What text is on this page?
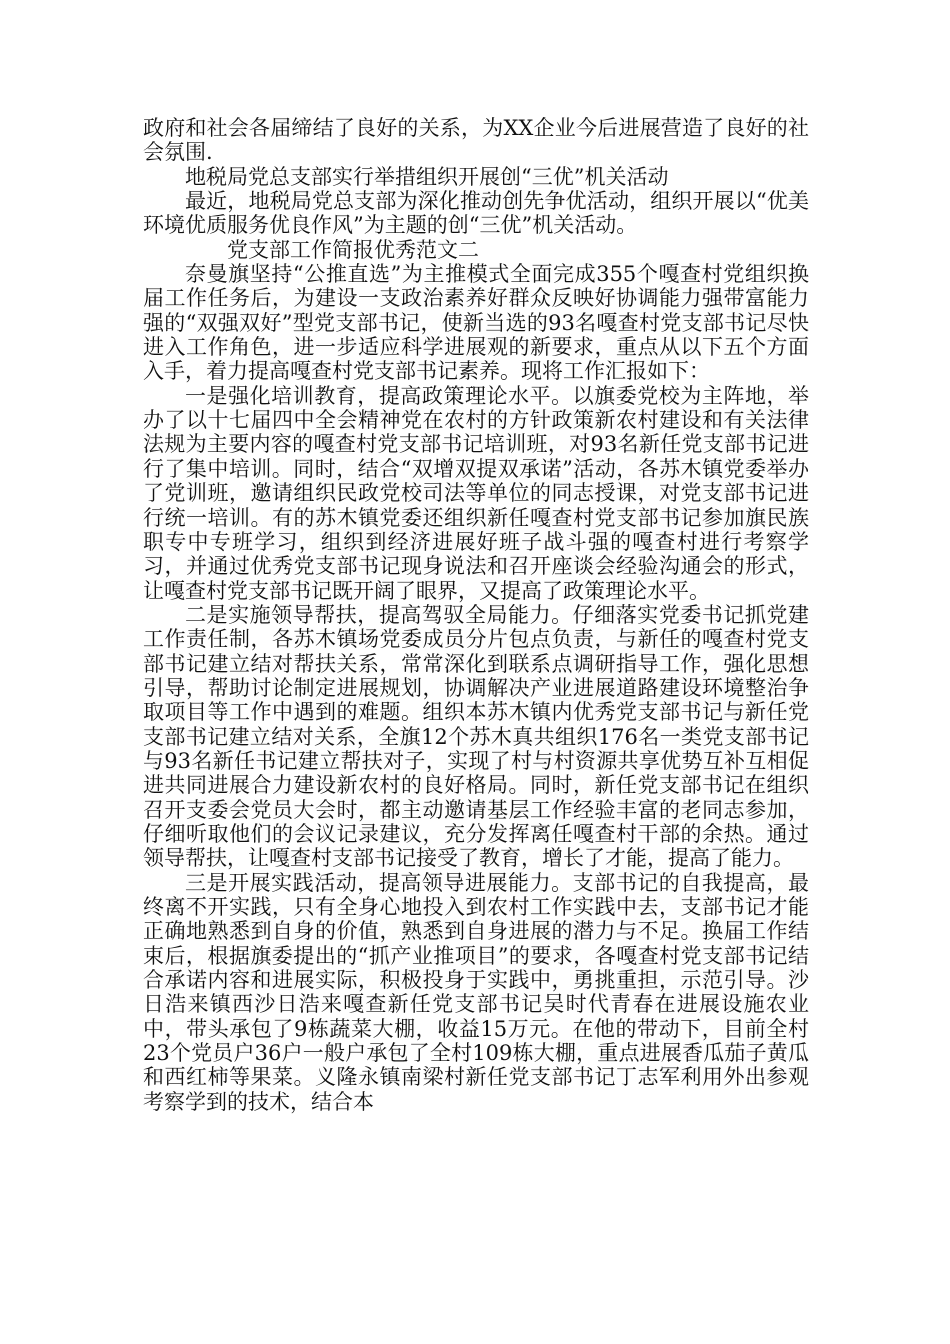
政府和社会各届缔结了良好的关系，为XX企业今后进展营造了良好的社会氛围.

地税局党总支部实行举措组织开展创“三优”机关活动

最近，地税局党总支部为深化推动创先争优活动，组织开展以“优美环境优质服务优良作风”为主题的创“三优”机关活动。

党支部工作简报优秀范文二

奈曼旗坚持“公推直选”为主推模式全面完成355个嘎查村党组织换届工作任务后，为建设一支政治素养好群众反映好协调能力强带富能力强的“双强双好”型党支部书记，使新当选的93名嘎查村党支部书记尽快进入工作角色，进一步适应科学进展观的新要求，重点从以下五个方面入手，着力提高嘎查村党支部书记素养。现将工作汇报如下：

一是强化培训教育，提高政策理论水平。以旗委党校为主阵地，举办了以十七届四中全会精神党在农村的方针政策新农村建设和有关法律法规为主要内容的嘎查村党支部书记培训班，对93名新任党支部书记进行了集中培训。同时，结合“双增双提双承诺”活动，各苏木镇党委举办了党训班，邀请组织民政党校司法等单位的同志授课，对党支部书记进行统一培训。有的苏木镇党委还组织新任嘎查村党支部书记参加旗民族职专中专班学习，组织到经济进展好班子战斗强的嘎查村进行考察学习，并通过优秀党支部书记现身说法和召开座谈会经验沟通会的形式，让嘎查村党支部书记既开阔了眼界，又提高了政策理论水平。

二是实施领导帮扶，提高驾驭全局能力。仔细落实党委书记抓党建工作责任制，各苏木镇场党委成员分片包点负责，与新任的嘎查村党支部书记建立结对帮扶关系，常常深化到联系点调研指导工作，强化思想引导，帮助讨论制定进展规划，协调解决产业进展道路建设环境整治争取项目等工作中遇到的难题。组织本苏木镇内优秀党支部书记与新任党支部书记建立结对关系，全旗12个苏木真共组织176名一类党支部书记与93名新任书记建立帮扶对子，实现了村与村资源共享优势互补互相促进共同进展合力建设新农村的良好格局。同时，新任党支部书记在组织召开支委会党员大会时，都主动邀请基层工作经验丰富的老同志参加，仔细听取他们的会议记录建议，充分发挥离任嘎查村干部的余热。通过领导帮扶，让嘎查村支部书记接受了教育，增长了才能，提高了能力。

三是开展实践活动，提高领导进展能力。支部书记的自我提高，最终离不开实践，只有全身心地投入到农村工作实践中去，支部书记才能正确地熟悉到自身的价值，熟悉到自身进展的潜力与不足。换届工作结束后，根据旗委提出的“抓产业推项目”的要求，各嘎查村党支部书记结合承诺内容和进展实际，积极投身于实践中，勇挑重担，示范引导。沙日浩来镇西沙日浩来嘎查新任党支部书记吴时代青春在进展设施农业中，带头承包了9栋蔬菜大棚，收益15万元。在他的带动下，目前全村23个党员户36户一般户承包了全村109栋大棚，重点进展香瓜茄子黄瓜和西红柿等果菜。义隆永镇南梁村新任党支部书记丁志军利用外出参观考察学到的技术，结合本
